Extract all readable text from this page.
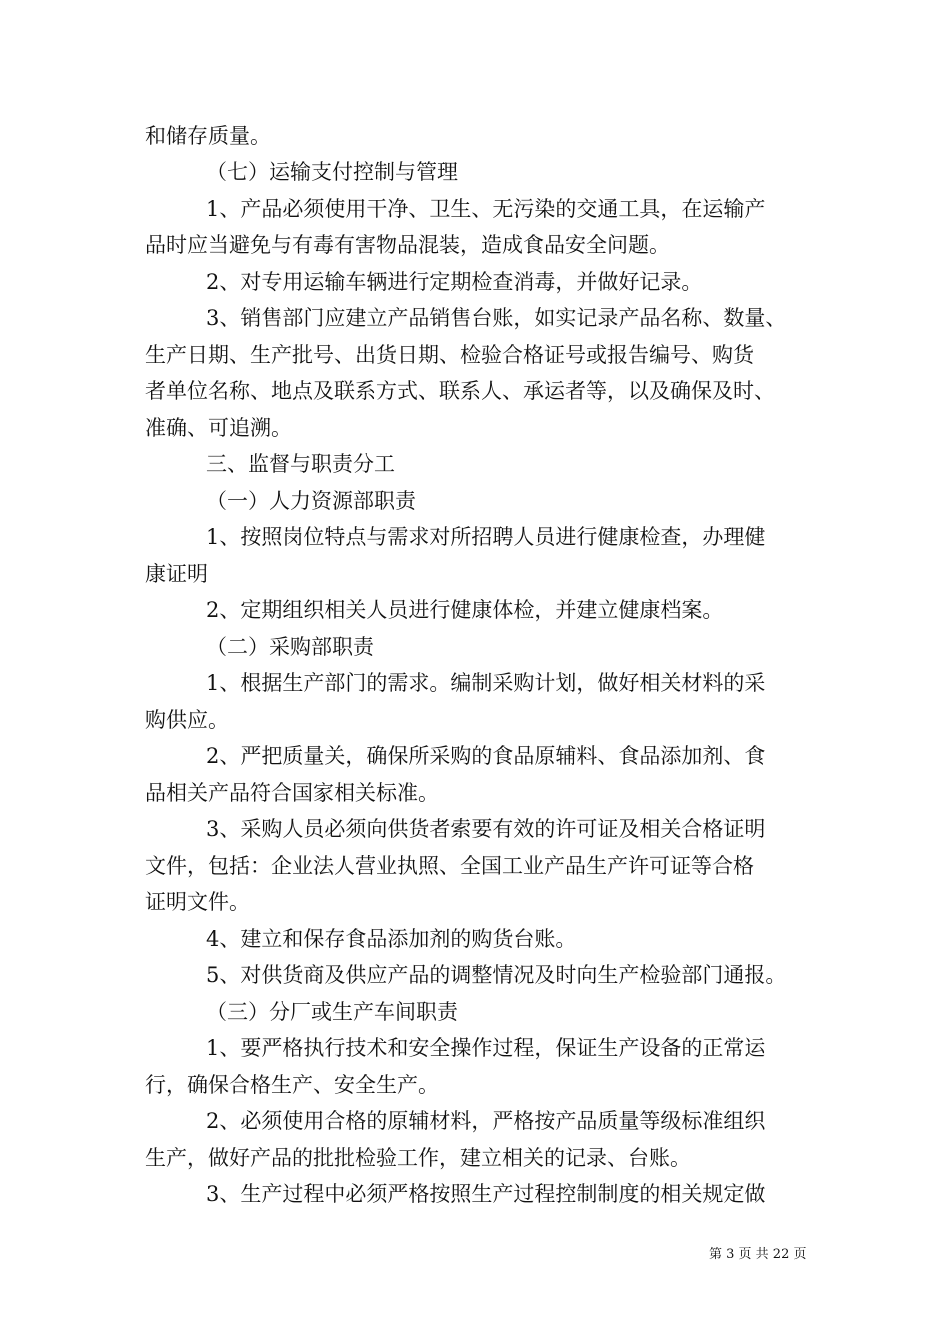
和储存质量。
（七）运输支付控制与管理
1、产品必须使用干净、卫生、无污染的交通工具，在运输产
品时应当避免与有毒有害物品混装，造成食品安全问题。
2、对专用运输车辆进行定期检查消毒，并做好记录。
3、销售部门应建立产品销售台账，如实记录产品名称、数量、
生产日期、生产批号、出货日期、检验合格证号或报告编号、购货
者单位名称、地点及联系方式、联系人、承运者等，以及确保及时、
准确、可追溯。
三、监督与职责分工
（一）人力资源部职责
1、按照岗位特点与需求对所招聘人员进行健康检查，办理健
康证明
2、定期组织相关人员进行健康体检，并建立健康档案。
（二）采购部职责
1、根据生产部门的需求。编制采购计划，做好相关材料的采
购供应。
2、严把质量关，确保所采购的食品原辅料、食品添加剂、食
品相关产品符合国家相关标准。
3、采购人员必须向供货者索要有效的许可证及相关合格证明
文件，包括：企业法人营业执照、全国工业产品生产许可证等合格
证明文件。
4、建立和保存食品添加剂的购货台账。
5、对供货商及供应产品的调整情况及时向生产检验部门通报。
（三）分厂或生产车间职责
1、要严格执行技术和安全操作过程，保证生产设备的正常运
行，确保合格生产、安全生产。
2、必须使用合格的原辅材料，严格按产品质量等级标准组织
生产，做好产品的批批检验工作，建立相关的记录、台账。
3、生产过程中必须严格按照生产过程控制制度的相关规定做
第 3 页 共 22 页
